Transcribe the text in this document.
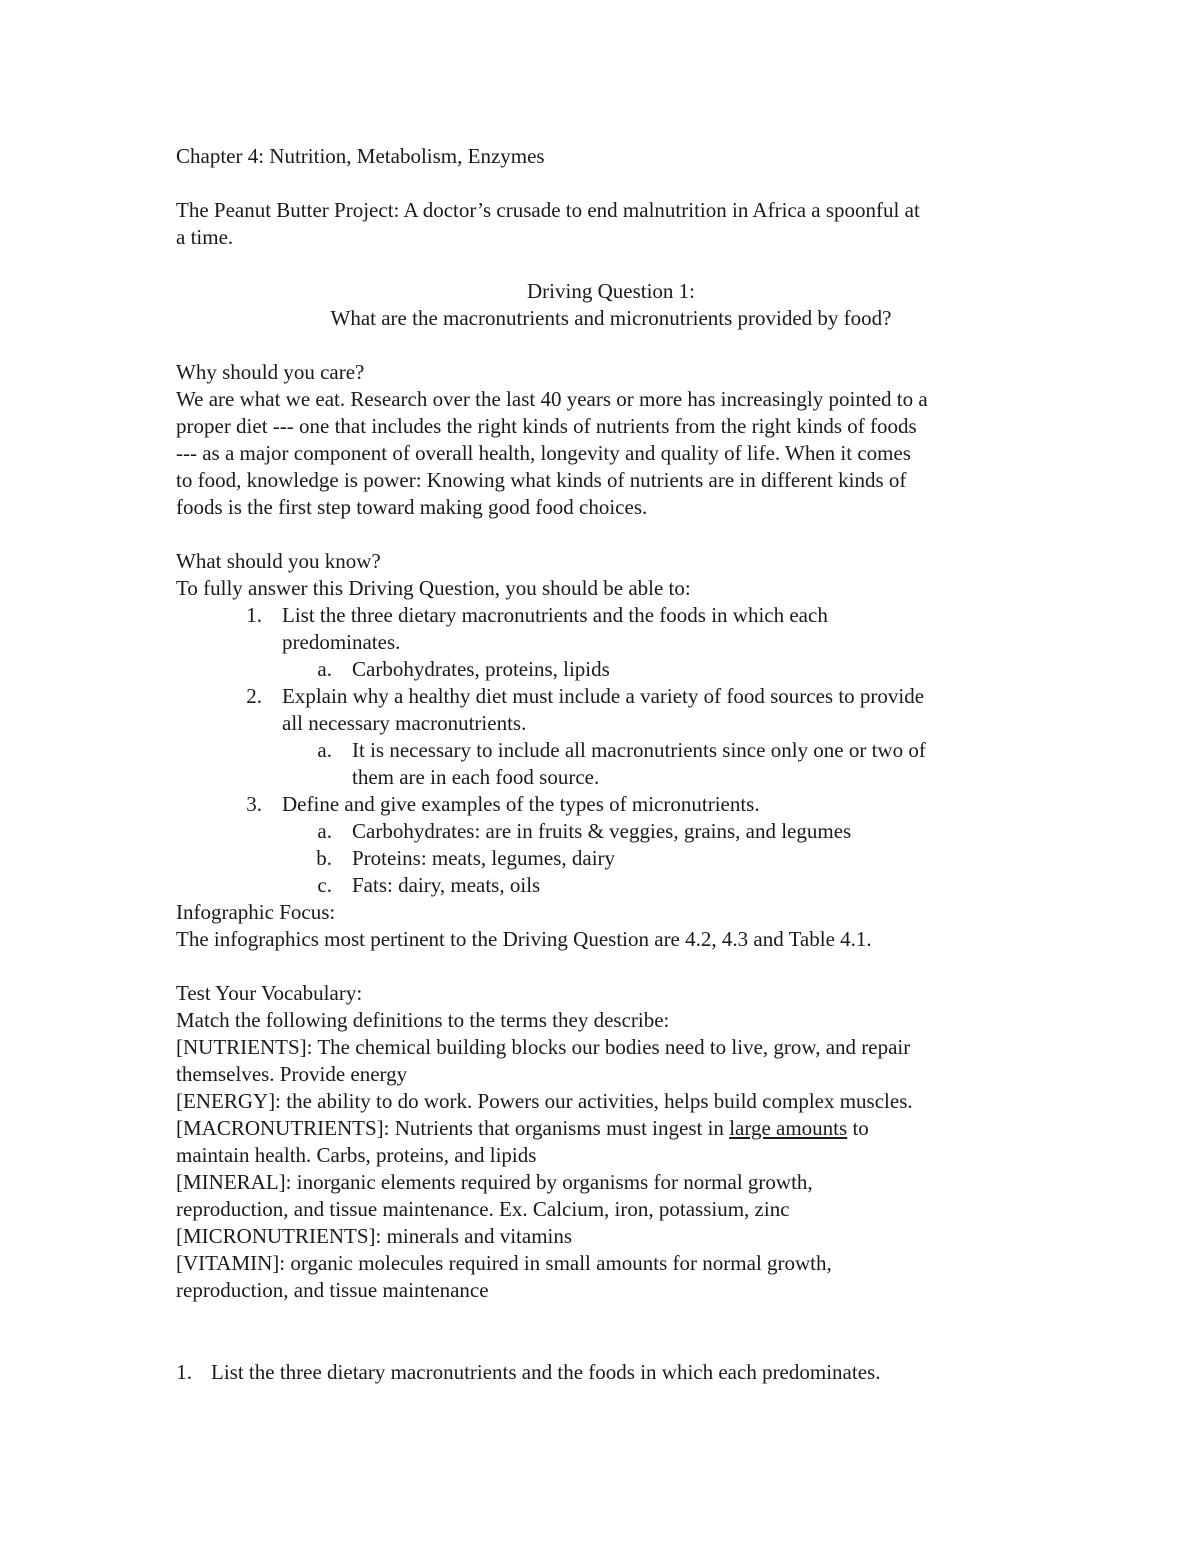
Chapter 4: Nutrition, Metabolism, Enzymes
The Peanut Butter Project: A doctor’s crusade to end malnutrition in Africa a spoonful at
a time.
Driving Question 1:
What are the macronutrients and micronutrients provided by food?
Why should you care?
We are what we eat. Research over the last 40 years or more has increasingly pointed to a
proper diet --- one that includes the right kinds of nutrients from the right kinds of foods
--- as a major component of overall health, longevity and quality of life. When it comes
to food, knowledge is power: Knowing what kinds of nutrients are in different kinds of
foods is the first step toward making good food choices.
What should you know?
To fully answer this Driving Question, you should be able to:
1. List the three dietary macronutrients and the foods in which each
predominates.
a. Carbohydrates, proteins, lipids
2. Explain why a healthy diet must include a variety of food sources to provide
all necessary macronutrients.
a. It is necessary to include all macronutrients since only one or two of
them are in each food source.
3. Define and give examples of the types of micronutrients.
a. Carbohydrates: are in fruits & veggies, grains, and legumes
b. Proteins: meats, legumes, dairy
c. Fats: dairy, meats, oils
Infographic Focus:
The infographics most pertinent to the Driving Question are 4.2, 4.3 and Table 4.1.
Test Your Vocabulary:
Match the following definitions to the terms they describe:
[NUTRIENTS]: The chemical building blocks our bodies need to live, grow, and repair
themselves. Provide energy
[ENERGY]: the ability to do work. Powers our activities, helps build complex muscles.
[MACRONUTRIENTS]: Nutrients that organisms must ingest in large amounts to
maintain health. Carbs, proteins, and lipids
[MINERAL]: inorganic elements required by organisms for normal growth,
reproduction, and tissue maintenance. Ex. Calcium, iron, potassium, zinc
[MICRONUTRIENTS]: minerals and vitamins
[VITAMIN]: organic molecules required in small amounts for normal growth,
reproduction, and tissue maintenance
1. List the three dietary macronutrients and the foods in which each predominates.
